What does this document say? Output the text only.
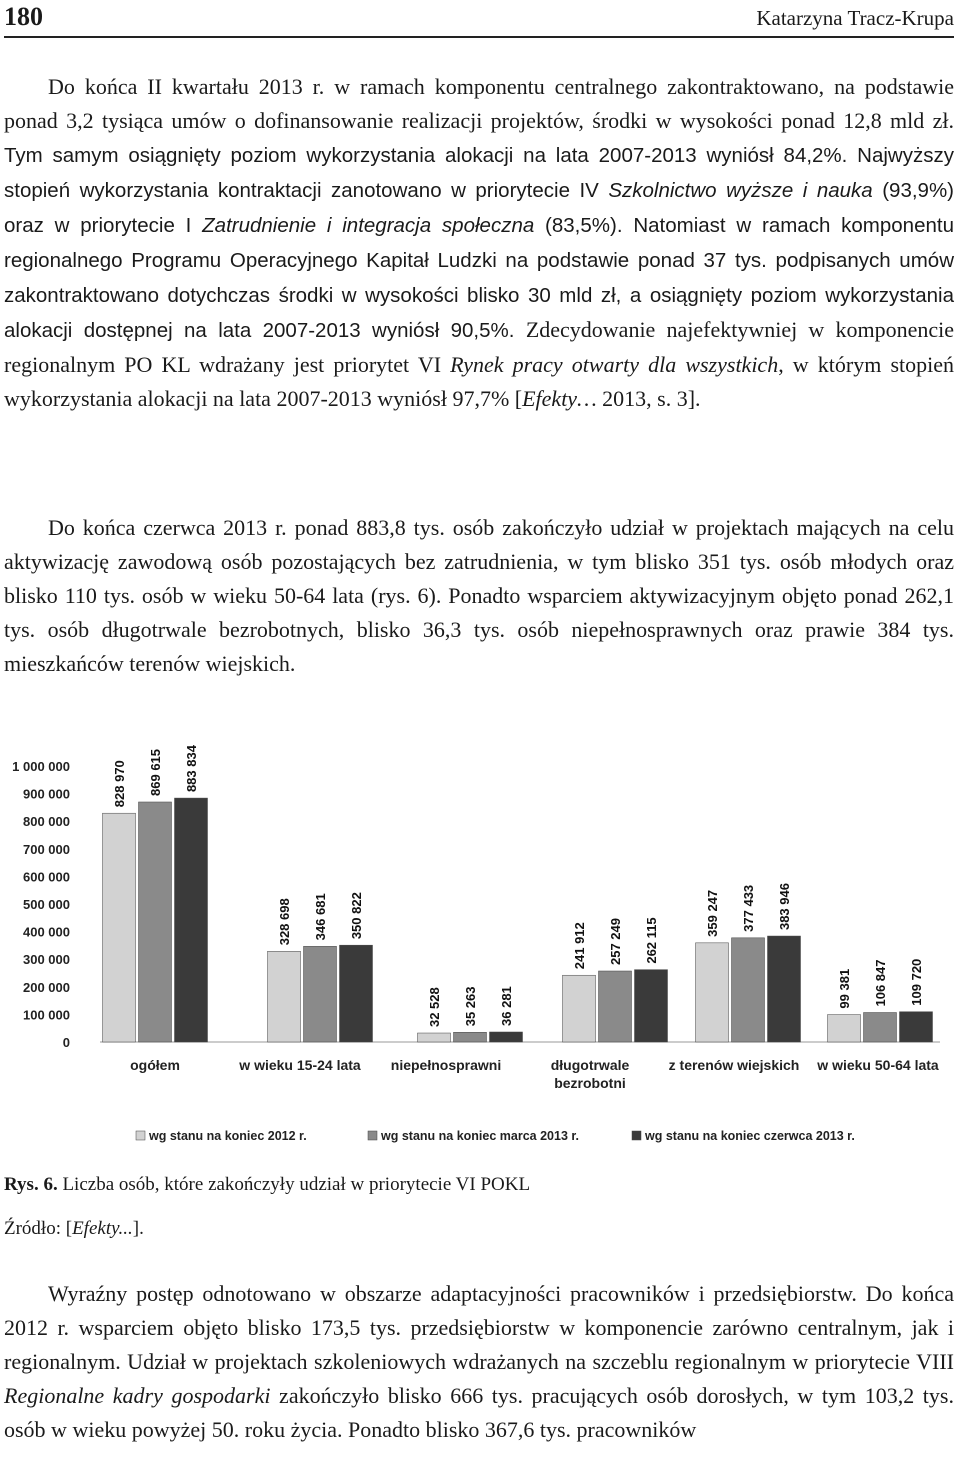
180	Katarzyna Tracz-Krupa

Do końca II kwartału 2013 r. w ramach komponentu centralnego zakontraktowano, na podstawie ponad 3,2 tysiąca umów o dofinansowanie realizacji projektów, środki w wysokości ponad 12,8 mld zł. Tym samym osiągnięty poziom wykorzystania alokacji na lata 2007-2013 wyniósł 84,2%. Najwyższy stopień wykorzystania kontraktacji zanotowano w priorytecie IV Szkolnictwo wyższe i nauka (93,9%) oraz w priorytecie I Zatrudnienie i integracja społeczna (83,5%). Natomiast w ramach komponentu regionalnego Programu Operacyjnego Kapitał Ludzki na podstawie ponad 37 tys. podpisanych umów zakontraktowano dotychczas środki w wysokości blisko 30 mld zł, a osiągnięty poziom wykorzystania alokacji dostępnej na lata 2007-2013 wyniósł 90,5%. Zdecydowanie najefektywniej w komponencie regionalnym PO KL wdrażany jest priorytet VI Rynek pracy otwarty dla wszystkich, w którym stopień wykorzystania alokacji na lata 2007-2013 wyniósł 97,7% [Efekty… 2013, s. 3].

Do końca czerwca 2013 r. ponad 883,8 tys. osób zakończyło udział w projektach mających na celu aktywizację zawodową osób pozostających bez zatrudnienia, w tym blisko 351 tys. osób młodych oraz blisko 110 tys. osób w wieku 50-64 lata (rys. 6). Ponadto wsparciem aktywizacyjnym objęto ponad 262,1 tys. osób długotrwale bezrobotnych, blisko 36,3 tys. osób niepełnosprawnych oraz prawie 384 tys. mieszkańców terenów wiejskich.

0
100 000
200 000
300 000
400 000
500 000
600 000
700 000
800 000
900 000
1 000 000	828 970 869 615 883 834
328 698 346 681 350 822
32 528 35 263 36 281
241 912 257 249 262 115
359 247 377 433 383 946
99 381 106 847 109 720
ogółem	w wieku 15-24 lata niepełnosprawni	długotrwale bezrobotni
z terenów wiejskich w wieku 50-64 lata
wg stanu na koniec 2012 r.	wg stanu na koniec marca 2013 r.	wg stanu na koniec czerwca 2013 r.
Rys. 6. Liczba osób, które zakończyły udział w priorytecie VI POKL
Źródło: [Efekty...].

Wyraźny postęp odnotowano w obszarze adaptacyjności pracowników i przedsiębiorstw. Do końca 2012 r. wsparciem objęto blisko 173,5 tys. przedsiębiorstw w komponencie zarówno centralnym, jak i regionalnym. Udział w projektach szkoleniowych wdrażanych na szczeblu regionalnym w priorytecie VIII Regionalne kadry gospodarki zakończyło blisko 666 tys. pracujących osób dorosłych, w tym 103,2 tys. osób w wieku powyżej 50. roku życia. Ponadto blisko 367,6 tys. pracowników
